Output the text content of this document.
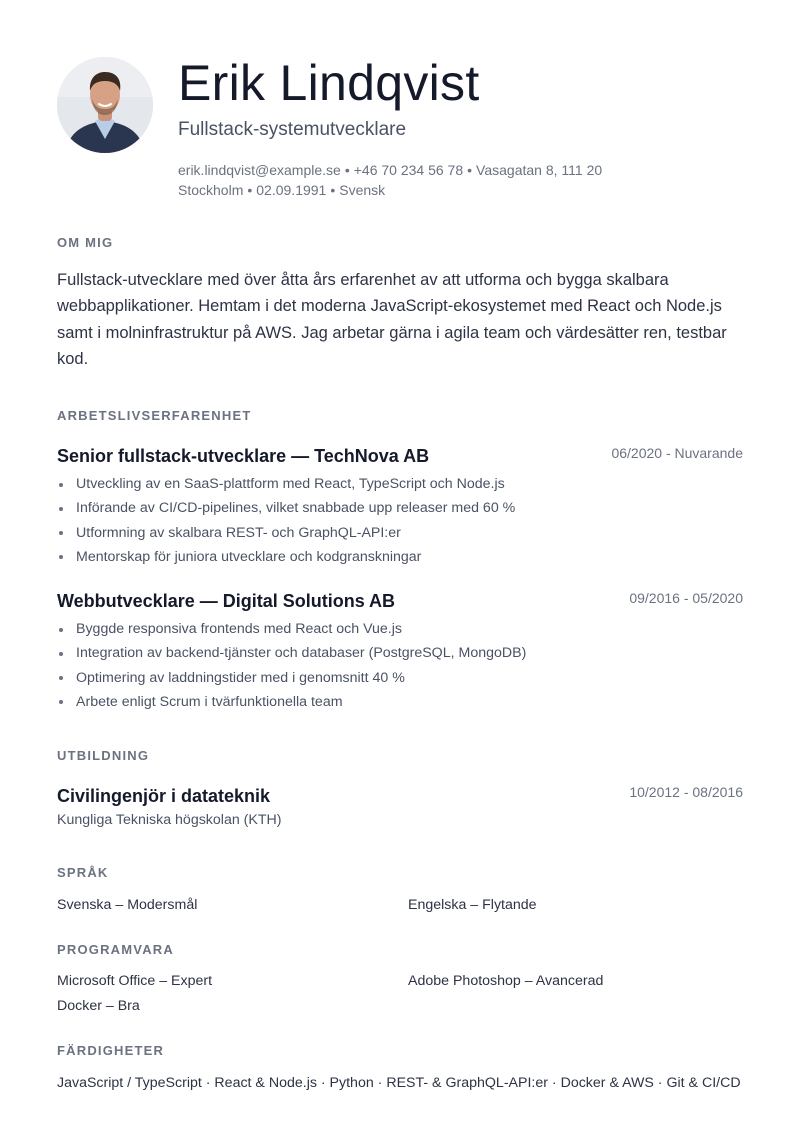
Erik Lindqvist
Fullstack-systemutvecklare
erik.lindqvist@example.se • +46 70 234 56 78 • Vasagatan 8, 111 20 Stockholm • 02.09.1991 • Svensk
OM MIG
Fullstack-utvecklare med över åtta års erfarenhet av att utforma och bygga skalbara webbapplikationer. Hemtam i det moderna JavaScript-ekosystemet med React och Node.js samt i molninfrastruktur på AWS. Jag arbetar gärna i agila team och värdesätter ren, testbar kod.
ARBETSLIVSERFARENHET
Senior fullstack-utvecklare — TechNova AB	06/2020 - Nuvarande
Utveckling av en SaaS-plattform med React, TypeScript och Node.js
Införande av CI/CD-pipelines, vilket snabbade upp releaser med 60 %
Utformning av skalbara REST- och GraphQL-API:er
Mentorskap för juniora utvecklare och kodgranskningar
Webbutvecklare — Digital Solutions AB	09/2016 - 05/2020
Byggde responsiva frontends med React och Vue.js
Integration av backend-tjänster och databaser (PostgreSQL, MongoDB)
Optimering av laddningstider med i genomsnitt 40 %
Arbete enligt Scrum i tvärfunktionella team
UTBILDNING
Civilingenjör i datateknik	10/2012 - 08/2016
Kungliga Tekniska högskolan (KTH)
SPRÅK
Svenska – Modersmål	Engelska – Flytande
PROGRAMVARA
Microsoft Office – Expert	Adobe Photoshop – Avancerad
Docker – Bra
FÄRDIGHETER
JavaScript / TypeScript · React & Node.js · Python · REST- & GraphQL-API:er · Docker & AWS · Git & CI/CD
